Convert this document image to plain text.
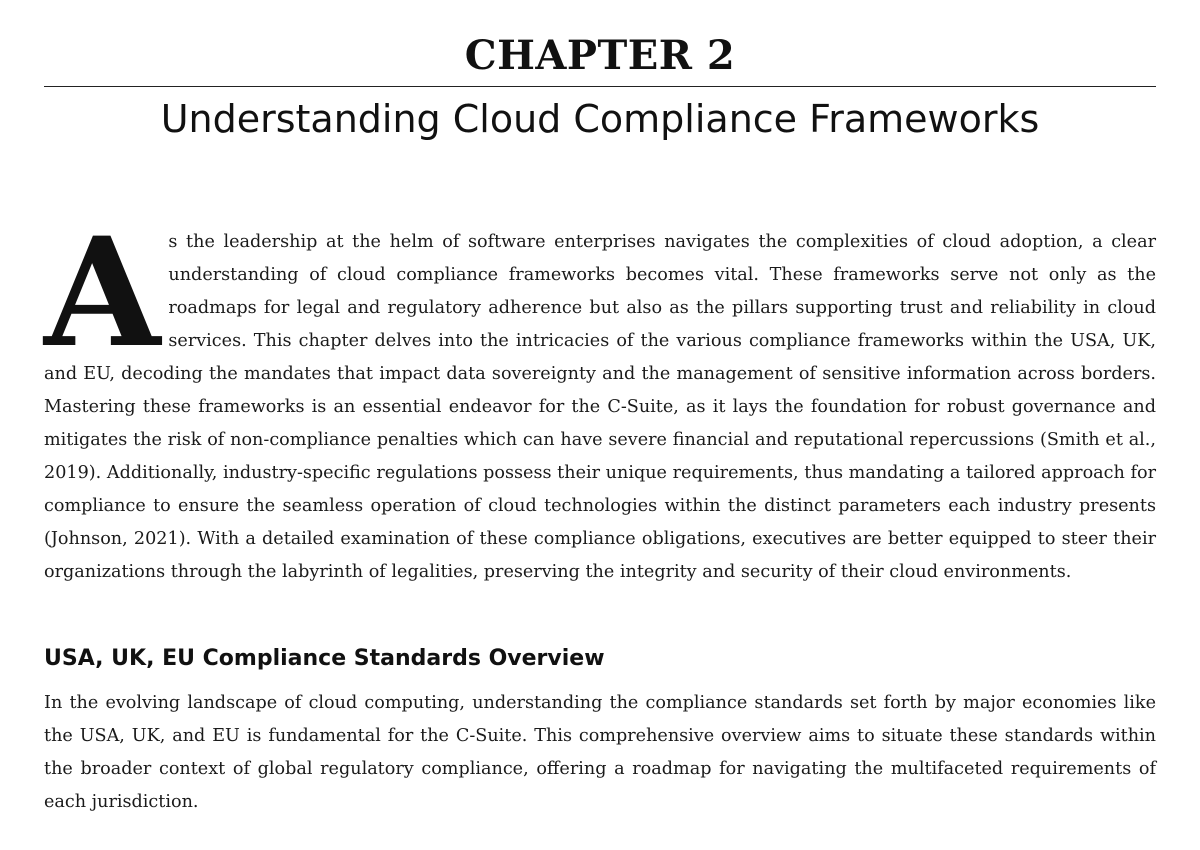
CHAPTER 2
Understanding Cloud Compliance Frameworks
As the leadership at the helm of software enterprises navigates the complexities of cloud adoption, a clear understanding of cloud compliance frameworks becomes vital. These frameworks serve not only as the roadmaps for legal and regulatory adherence but also as the pillars supporting trust and reliability in cloud services. This chapter delves into the intricacies of the various compliance frameworks within the USA, UK, and EU, decoding the mandates that impact data sovereignty and the management of sensitive information across borders. Mastering these frameworks is an essential endeavor for the C-Suite, as it lays the foundation for robust governance and mitigates the risk of non-compliance penalties which can have severe financial and reputational repercussions (Smith et al., 2019). Additionally, industry-specific regulations possess their unique requirements, thus mandating a tailored approach for compliance to ensure the seamless operation of cloud technologies within the distinct parameters each industry presents (Johnson, 2021). With a detailed examination of these compliance obligations, executives are better equipped to steer their organizations through the labyrinth of legalities, preserving the integrity and security of their cloud environments.
USA, UK, EU Compliance Standards Overview
In the evolving landscape of cloud computing, understanding the compliance standards set forth by major economies like the USA, UK, and EU is fundamental for the C-Suite. This comprehensive overview aims to situate these standards within the broader context of global regulatory compliance, offering a roadmap for navigating the multifaceted requirements of each jurisdiction.
